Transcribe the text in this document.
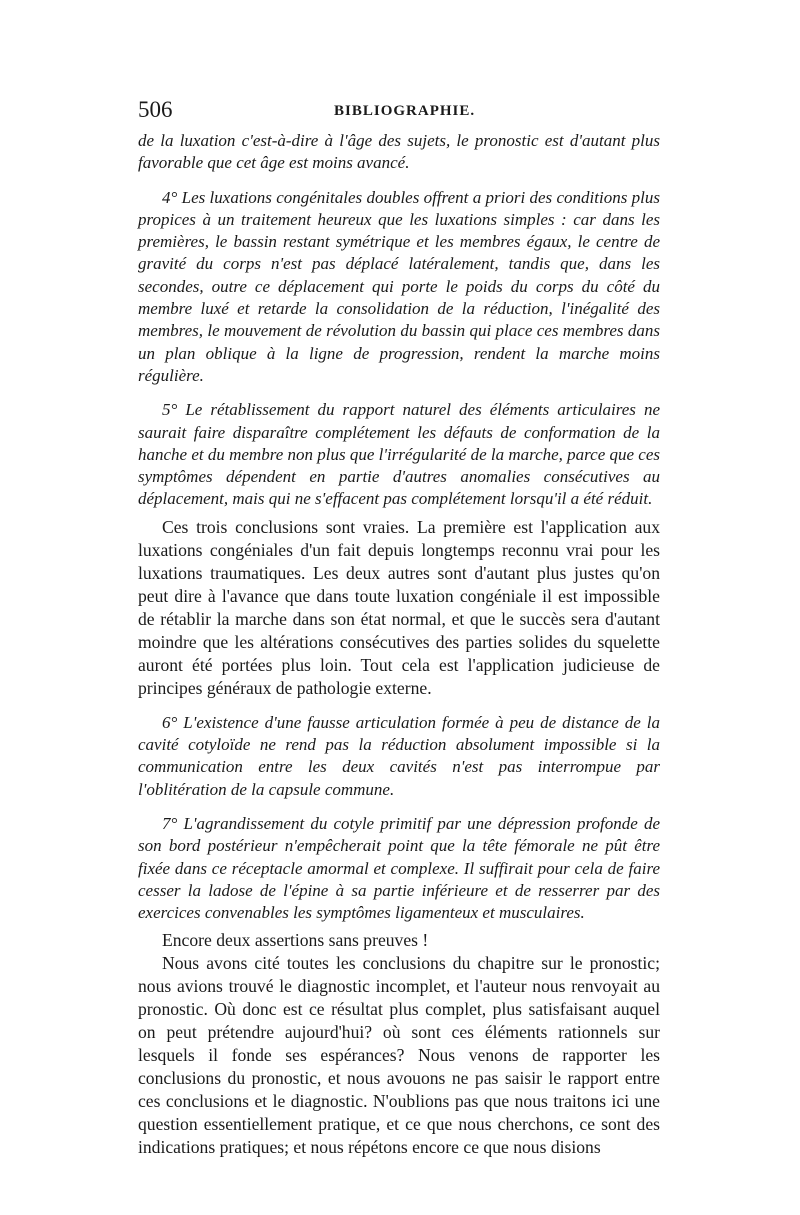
506	BIBLIOGRAPHIE.

de la luxation c'est-à-dire à l'âge des sujets, le pronostic est d'autant plus favorable que cet âge est moins avancé.

4° Les luxations congénitales doubles offrent a priori des conditions plus propices à un traitement heureux que les luxations simples : car dans les premières, le bassin restant symétrique et les membres égaux, le centre de gravité du corps n'est pas déplacé latéralement, tandis que, dans les secondes, outre ce déplacement qui porte le poids du corps du côté du membre luxé et retarde la consolidation de la réduction, l'inégalité des membres, le mouvement de révolution du bassin qui place ces membres dans un plan oblique à la ligne de progression, rendent la marche moins régulière.

5° Le rétablissement du rapport naturel des éléments articulaires ne saurait faire disparaître complétement les défauts de conformation de la hanche et du membre non plus que l'irrégularité de la marche, parce que ces symptômes dépendent en partie d'autres anomalies consécutives au déplacement, mais qui ne s'effacent pas complétement lorsqu'il a été réduit.

Ces trois conclusions sont vraies. La première est l'application aux luxations congéniales d'un fait depuis longtemps reconnu vrai pour les luxations traumatiques. Les deux autres sont d'autant plus justes qu'on peut dire à l'avance que dans toute luxation congéniale il est impossible de rétablir la marche dans son état normal, et que le succès sera d'autant moindre que les altérations consécutives des parties solides du squelette auront été portées plus loin. Tout cela est l'application judicieuse de principes généraux de pathologie externe.

6° L'existence d'une fausse articulation formée à peu de distance de la cavité cotyloïde ne rend pas la réduction absolument impossible si la communication entre les deux cavités n'est pas interrompue par l'oblitération de la capsule commune.

7° L'agrandissement du cotyle primitif par une dépression profonde de son bord postérieur n'empêcherait point que la tête fémorale ne pût être fixée dans ce réceptacle amormal et complexe. Il suffirait pour cela de faire cesser la ladose de l'épine à sa partie inférieure et de resserrer par des exercices convenables les symptômes ligamenteux et musculaires.

Encore deux assertions sans preuves !

Nous avons cité toutes les conclusions du chapitre sur le pronostic; nous avions trouvé le diagnostic incomplet, et l'auteur nous renvoyait au pronostic. Où donc est ce résultat plus complet, plus satisfaisant auquel on peut prétendre aujourd'hui? où sont ces éléments rationnels sur lesquels il fonde ses espérances? Nous venons de rapporter les conclusions du pronostic, et nous avouons ne pas saisir le rapport entre ces conclusions et le diagnostic. N'oublions pas que nous traitons ici une question essentiellement pratique, et ce que nous cherchons, ce sont des indications pratiques; et nous répétons encore ce que nous disions
